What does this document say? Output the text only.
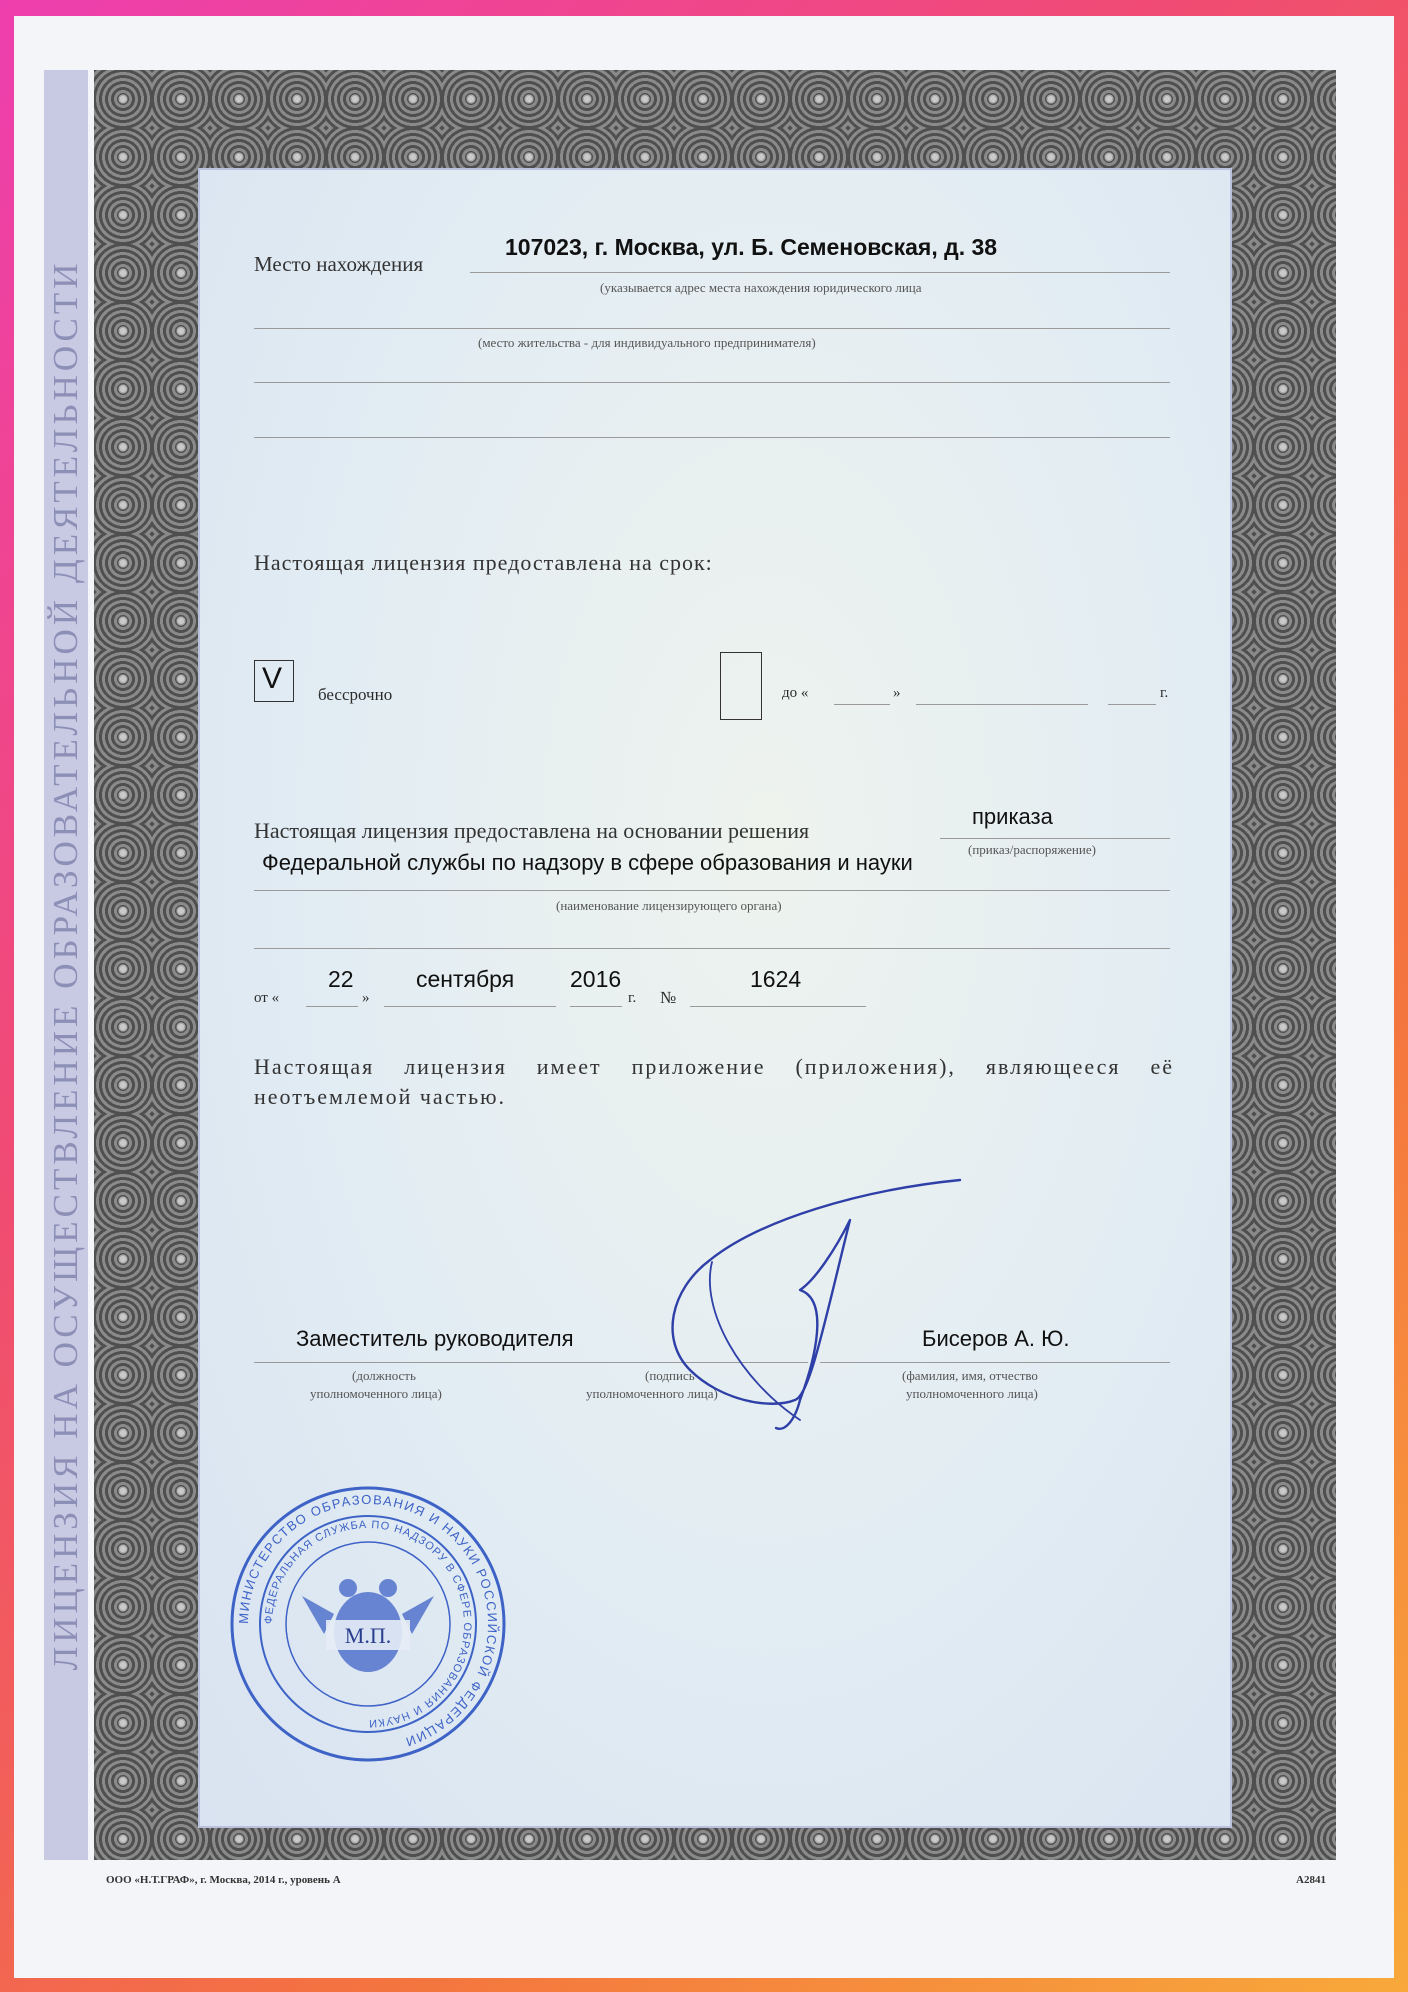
ЛИЦЕНЗИЯ НА ОСУЩЕСТВЛЕНИЕ ОБРАЗОВАТЕЛЬНОЙ ДЕЯТЕЛЬНОСТИ	Место нахождения
107023, г. Москва, ул. Б. Семеновская, д. 38
(указывается адрес места нахождения юридического лица
(место жительства - для индивидуального предпринимателя)
Настоящая лицензия предоставлена на срок:
V бессрочно	до «	»	г.
Настоящая лицензия предоставлена на основании решения
приказа
(приказ/распоряжение)
Федеральной службы по надзору в сфере образования и науки
(наименование лицензирующего органа)
от «
22
»
сентября 2016
г. №
1624
Настоящая лицензия имеет приложение (приложения), являющееся её неотъемлемой частью.
Заместитель руководителя
(должность
уполномоченного лица)
(подпись
уполномоченного лица)
Бисеров А. Ю.
(фамилия, имя, отчество
уполномоченного лица)
МИНИСТЕРСТВО ОБРАЗОВАНИЯ И НАУКИ РОССИЙСКОЙ ФЕДЕРАЦИИ
ФЕДЕРАЛЬНАЯ СЛУЖБА ПО НАДЗОРУ В СФЕРЕ ОБРАЗОВАНИЯ И НАУКИ
М.П.
ООО «Н.Т.ГРАФ», г. Москва, 2014 г., уровень А	А2841
